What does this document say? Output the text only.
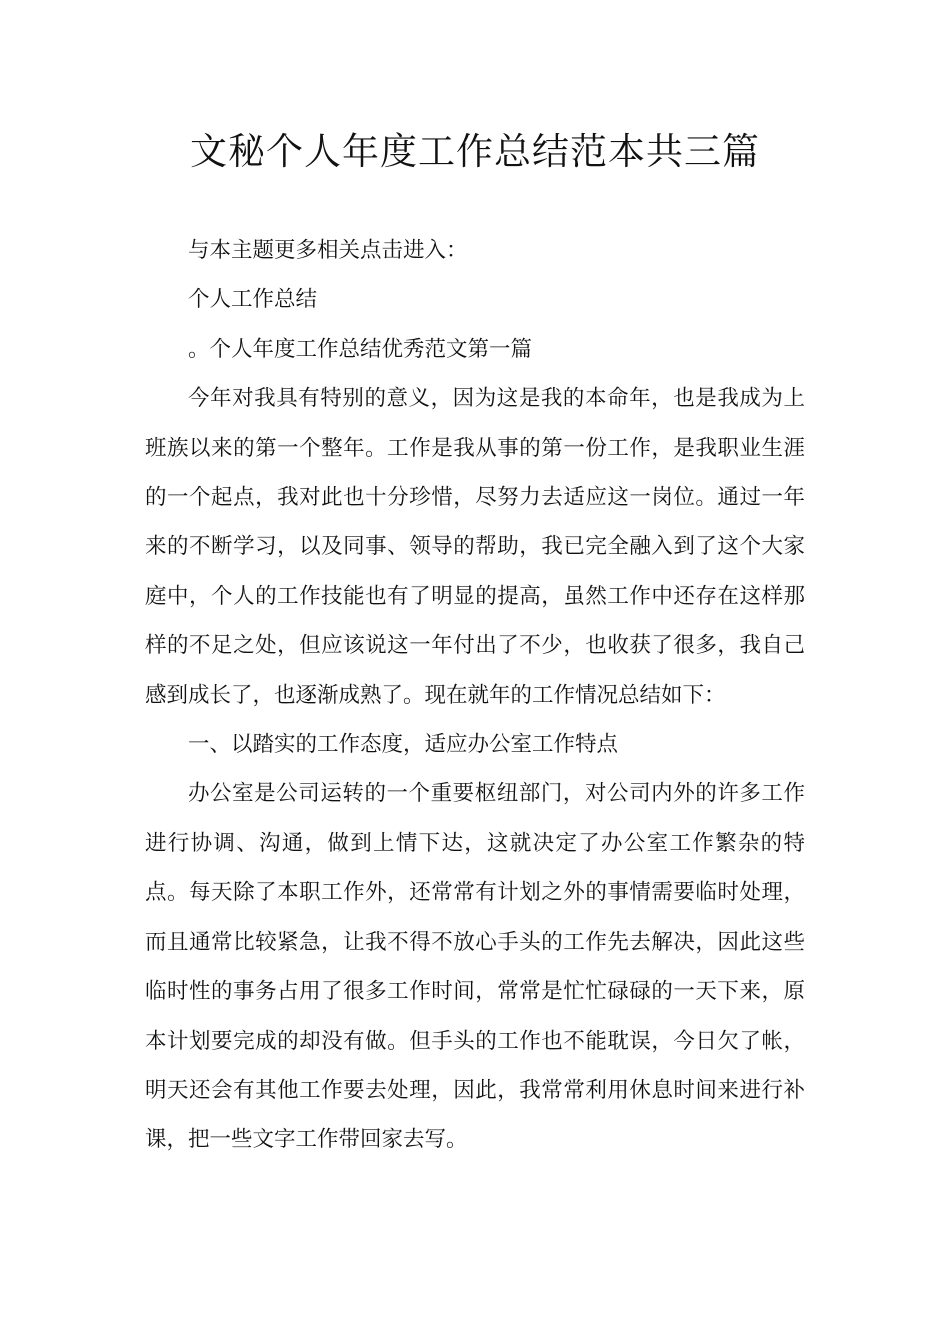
文秘个人年度工作总结范本共三篇

与本主题更多相关点击进入：

个人工作总结

。个人年度工作总结优秀范文第一篇

今年对我具有特别的意义，因为这是我的本命年，也是我成为上班族以来的第一个整年。工作是我从事的第一份工作，是我职业生涯的一个起点，我对此也十分珍惜，尽努力去适应这一岗位。通过一年来的不断学习，以及同事、领导的帮助，我已完全融入到了这个大家庭中，个人的工作技能也有了明显的提高，虽然工作中还存在这样那样的不足之处，但应该说这一年付出了不少，也收获了很多，我自己感到成长了，也逐渐成熟了。现在就年的工作情况总结如下：

一、以踏实的工作态度，适应办公室工作特点

办公室是公司运转的一个重要枢纽部门，对公司内外的许多工作进行协调、沟通，做到上情下达，这就决定了办公室工作繁杂的特点。每天除了本职工作外，还常常有计划之外的事情需要临时处理，而且通常比较紧急，让我不得不放心手头的工作先去解决，因此这些临时性的事务占用了很多工作时间，常常是忙忙碌碌的一天下来，原本计划要完成的却没有做。但手头的工作也不能耽误，今日欠了帐，明天还会有其他工作要去处理，因此，我常常利用休息时间来进行补课，把一些文字工作带回家去写。
